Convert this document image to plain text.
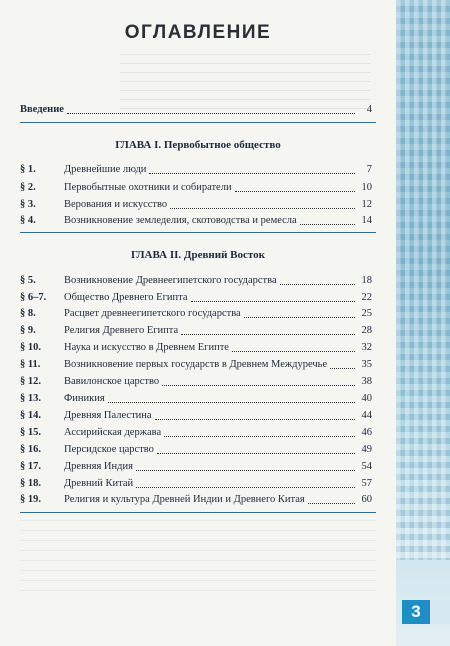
ОГЛАВЛЕНИЕ
Введение	4
ГЛАВА I. Первобытное общество
§ 1.	Древнейшие люди	7
§ 2.	Первобытные охотники и собиратели	10
§ 3.	Верования и искусство	12
§ 4.	Возникновение земледелия, скотоводства и ремесла	14
ГЛАВА II. Древний Восток
§ 5.	Возникновение Древнеегипетского государства	18
§ 6–7.	Общество Древнего Египта	22
§ 8.	Расцвет древнеегипетского государства	25
§ 9.	Религия Древнего Египта	28
§ 10.	Наука и искусство в Древнем Египте	32
§ 11.	Возникновение первых государств в Древнем Междуречье	35
§ 12.	Вавилонское царство	38
§ 13.	Финикия	40
§ 14.	Древняя Палестина	44
§ 15.	Ассирийская держава	46
§ 16.	Персидское царство	49
§ 17.	Древняя Индия	54
§ 18.	Древний Китай	57
§ 19.	Религия и культура Древней Индии и Древнего Китая	60
3
